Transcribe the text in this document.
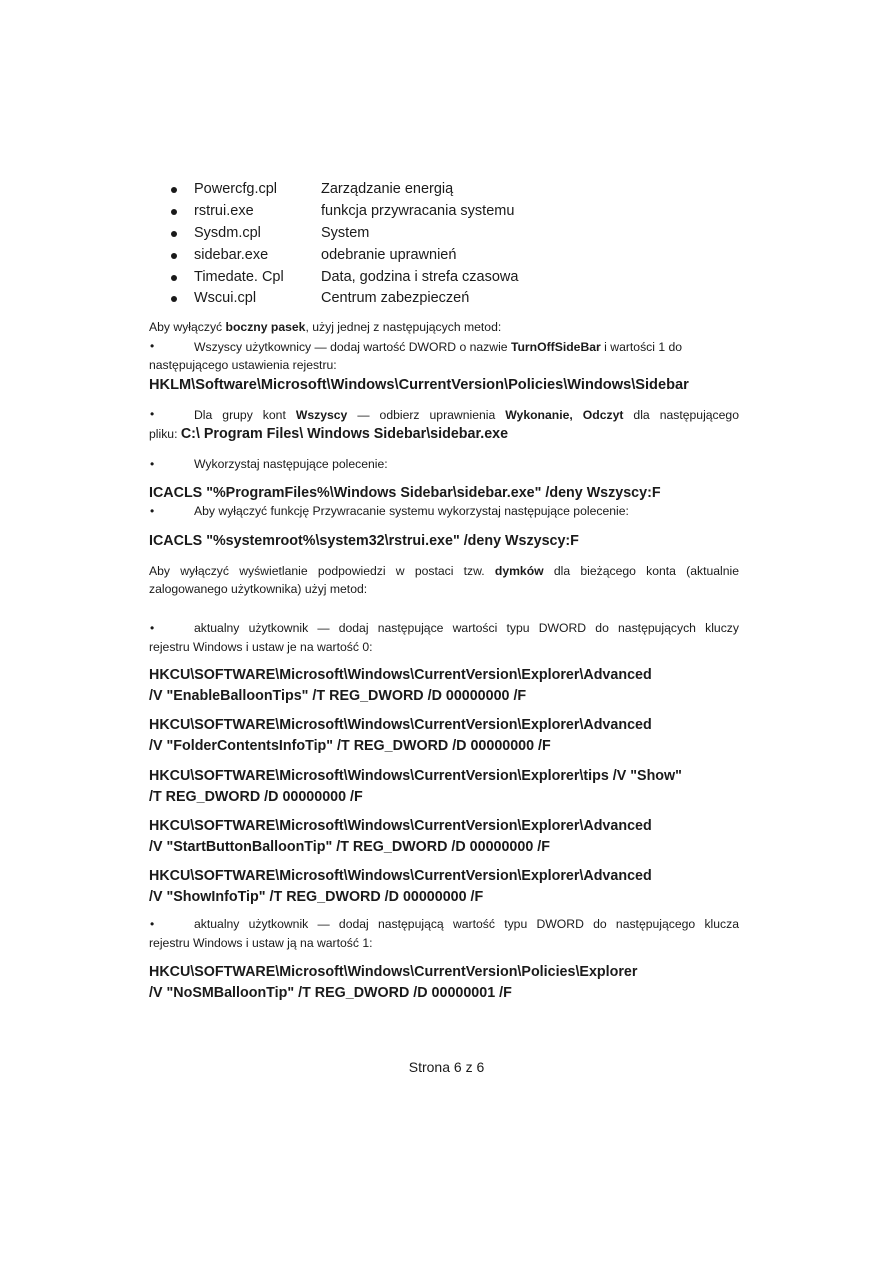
Powercfg.cpl	Zarządzanie energią
rstrui.exe	funkcja przywracania systemu
Sysdm.cpl	System
sidebar.exe	odebranie uprawnień
Timedate. Cpl	Data, godzina i strefa czasowa
Wscui.cpl	Centrum zabezpieczeń
Aby wyłączyć boczny pasek, użyj jednej z następujących metod:
•	Wszyscy użytkownicy — dodaj wartość DWORD o nazwie TurnOffSideBar i wartości 1 do
następującego ustawienia rejestru:
HKLM\Software\Microsoft\Windows\CurrentVersion\Policies\Windows\Sidebar
•	Dla grupy kont Wszyscy — odbierz uprawnienia Wykonanie, Odczyt dla następującego
pliku: C:\ Program Files\ Windows Sidebar\sidebar.exe
•	Wykorzystaj następujące polecenie:
ICACLS "%ProgramFiles%\Windows Sidebar\sidebar.exe" /deny Wszyscy:F
•	Aby wyłączyć funkcję Przywracanie systemu wykorzystaj następujące polecenie:
ICACLS "%systemroot%\system32\rstrui.exe" /deny Wszyscy:F
Aby wyłączyć wyświetlanie podpowiedzi w postaci tzw. dymków dla bieżącego konta (aktualnie
zalogowanego użytkownika) użyj metod:
•	aktualny użytkownik — dodaj następujące wartości typu DWORD do następujących kluczy
rejestru Windows i ustaw je na wartość 0:
HKCU\SOFTWARE\Microsoft\Windows\CurrentVersion\Explorer\Advanced
/V "EnableBalloonTips" /T REG_DWORD /D 00000000 /F
HKCU\SOFTWARE\Microsoft\Windows\CurrentVersion\Explorer\Advanced
/V "FolderContentsInfoTip" /T REG_DWORD /D 00000000 /F
HKCU\SOFTWARE\Microsoft\Windows\CurrentVersion\Explorer\tips /V "Show"
/T REG_DWORD /D 00000000 /F
HKCU\SOFTWARE\Microsoft\Windows\CurrentVersion\Explorer\Advanced
/V "StartButtonBalloonTip" /T REG_DWORD /D 00000000 /F
HKCU\SOFTWARE\Microsoft\Windows\CurrentVersion\Explorer\Advanced
/V "ShowInfoTip" /T REG_DWORD /D 00000000 /F
•	aktualny użytkownik — dodaj następującą wartość typu DWORD do następującego klucza
rejestru Windows i ustaw ją na wartość 1:
HKCU\SOFTWARE\Microsoft\Windows\CurrentVersion\Policies\Explorer
/V "NoSMBalloonTip" /T REG_DWORD /D 00000001 /F
Strona 6 z 6
